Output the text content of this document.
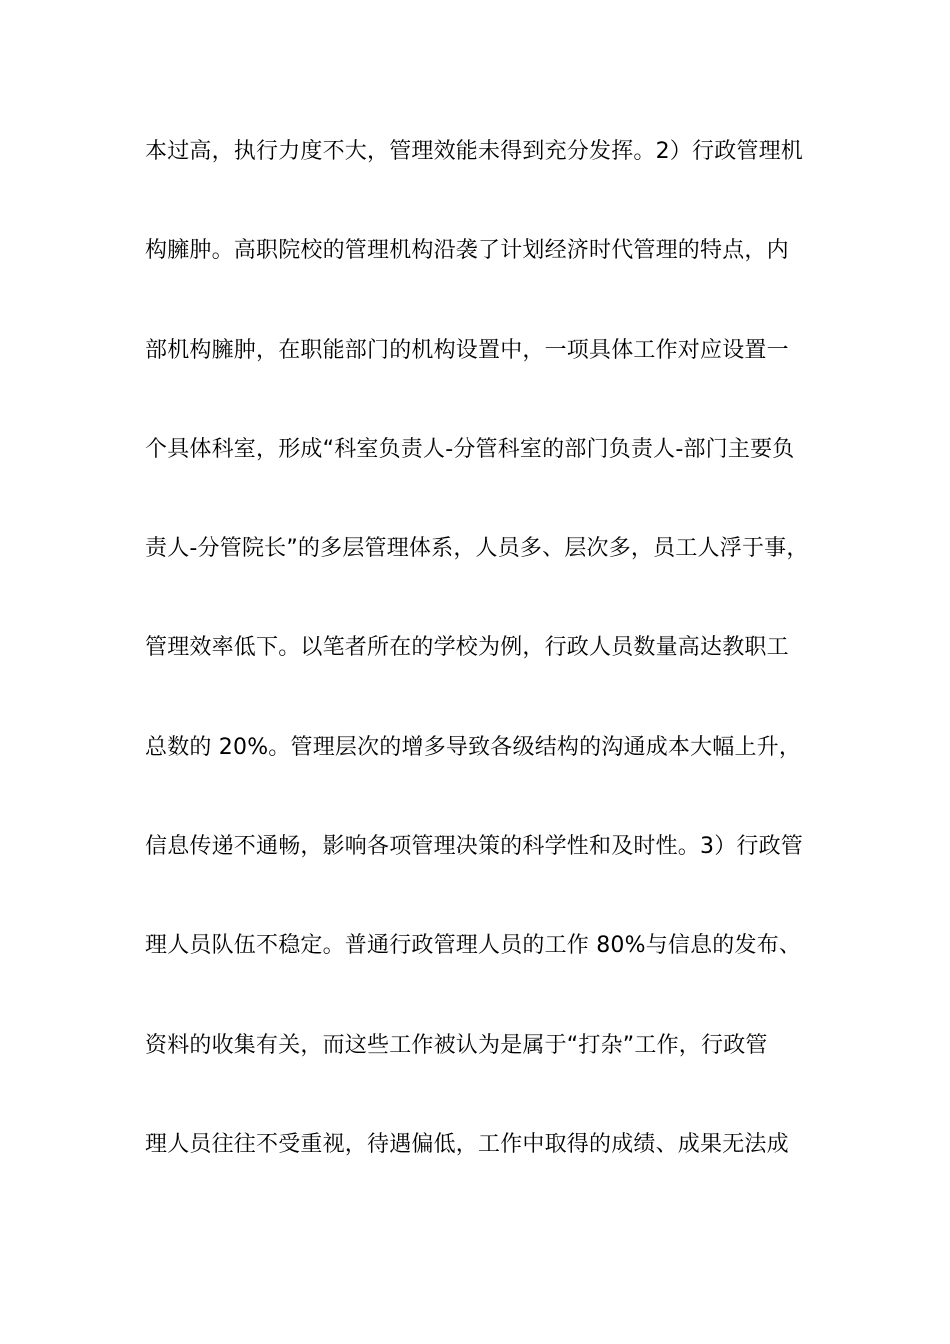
本过高，执行力度不大，管理效能未得到充分发挥。2）行政管理机
构臃肿。高职院校的管理机构沿袭了计划经济时代管理的特点，内
部机构臃肿，在职能部门的机构设置中，一项具体工作对应设置一
个具体科室，形成“科室负责人-分管科室的部门负责人-部门主要负
责人-分管院长”的多层管理体系，人员多、层次多，员工人浮于事，
管理效率低下。以笔者所在的学校为例，行政人员数量高达教职工
总数的 20%。管理层次的增多导致各级结构的沟通成本大幅上升，
信息传递不通畅，影响各项管理决策的科学性和及时性。3）行政管
理人员队伍不稳定。普通行政管理人员的工作 80%与信息的发布、
资料的收集有关，而这些工作被认为是属于“打杂”工作，行政管
理人员往往不受重视，待遇偏低，工作中取得的成绩、成果无法成
